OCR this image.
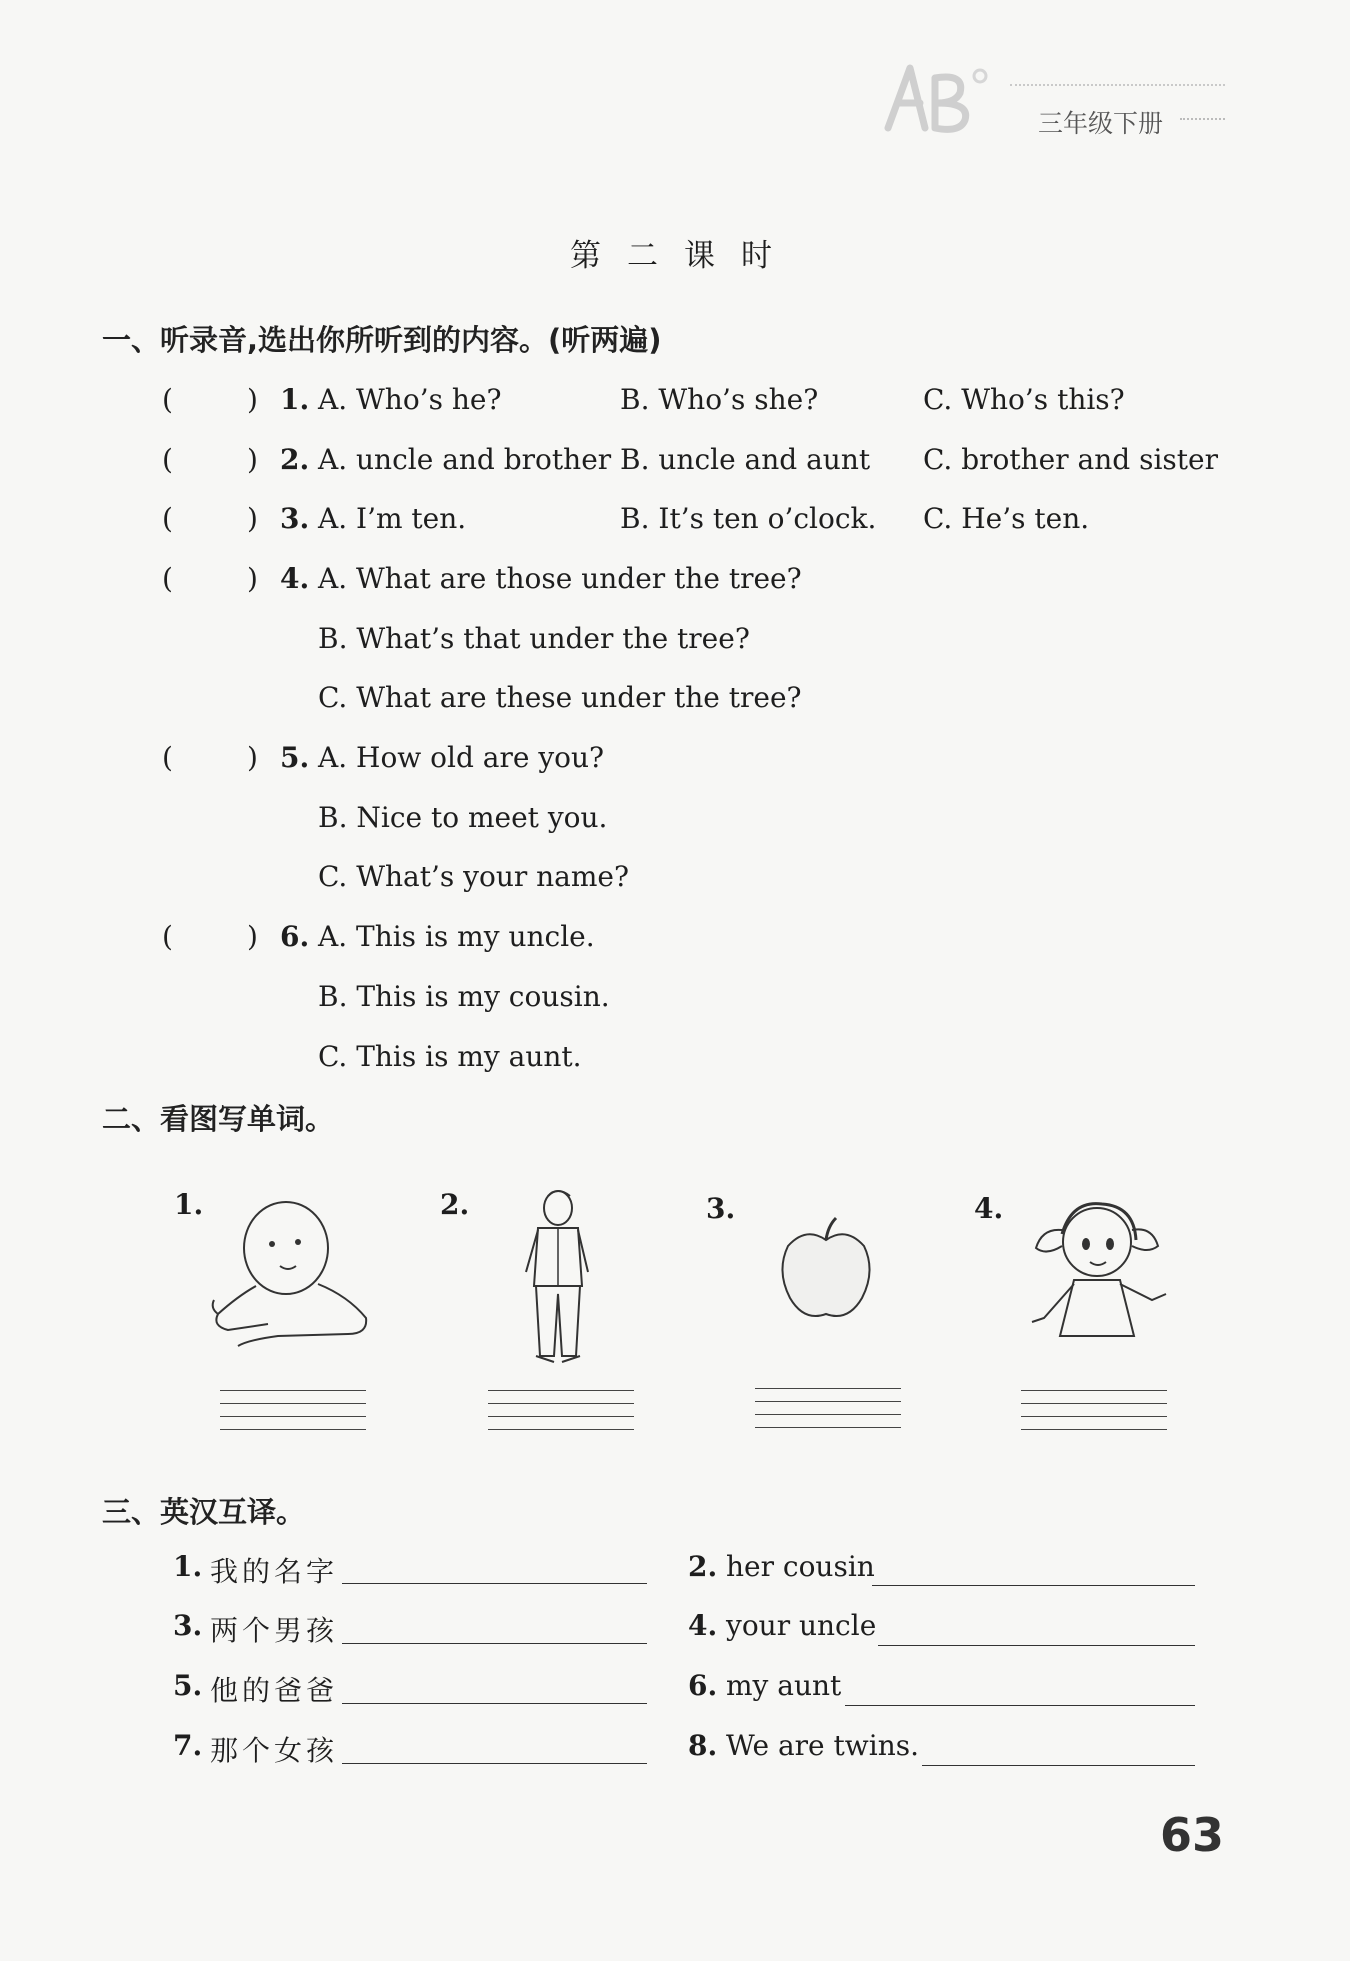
三年级下册
第二课时
一、听录音,选出你所听到的内容。(听两遍)
(	) 1. A. Who’s he?	B. Who’s she?	C. Who’s this?
(	) 2. A. uncle and brother B. uncle and aunt C. brother and sister
(	) 3. A. I’m ten.	B. It’s ten o’clock. C. He’s ten.
(	) 4. A. What are those under the tree?
B. What’s that under the tree?
C. What are these under the tree?
(	) 5. A. How old are you?
B. Nice to meet you.
C. What’s your name?
(	) 6. A. This is my uncle.
B. This is my cousin.
C. This is my aunt.
二、看图写单词。
1.	2.	3.	4.
三、英汉互译。
1. 我的名字	2. her cousin
3. 两个男孩	4. your uncle
5. 他的爸爸	6. my aunt
7. 那个女孩	8. We are twins.
63
